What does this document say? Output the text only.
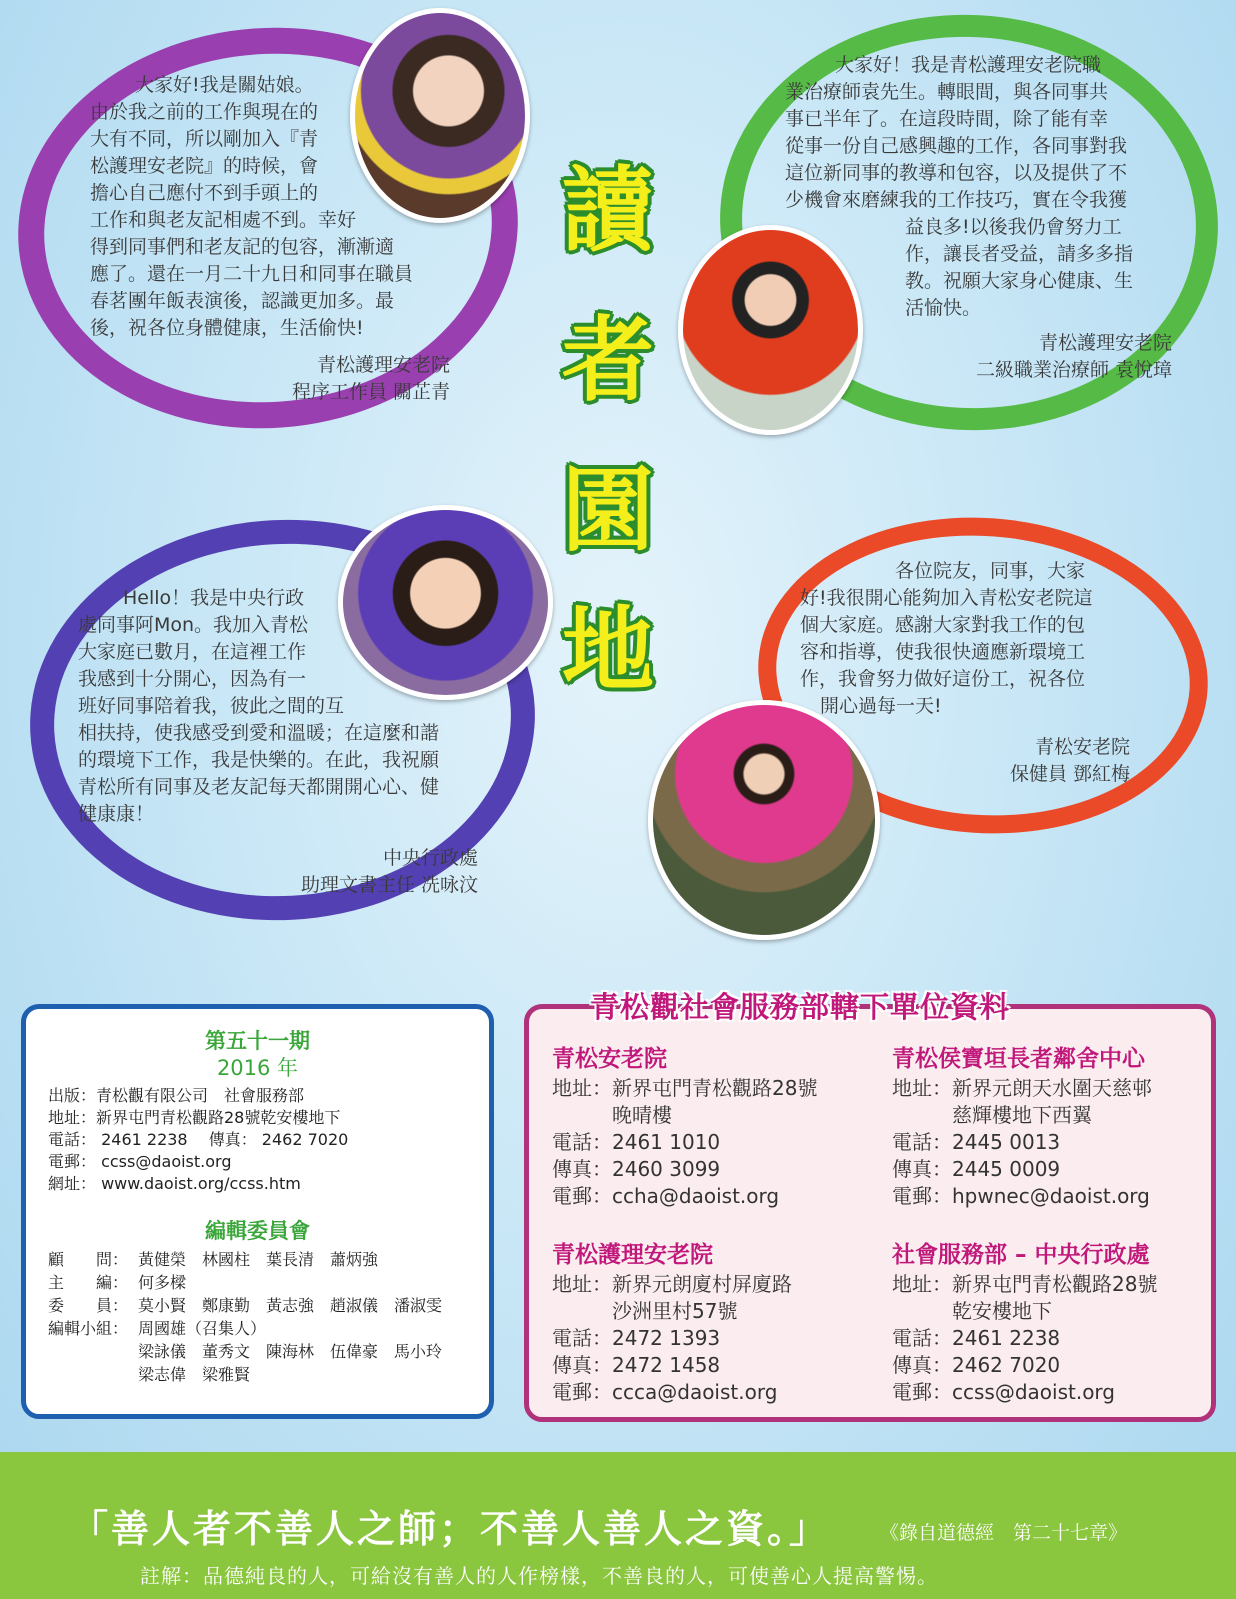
讀
者
園
地

大家好!我是關姑娘。

由於我之前的工作與現在的

大有不同，所以剛加入『青

松護理安老院』的時候，會

擔心自己應付不到手頭上的

工作和與老友記相處不到。幸好

得到同事們和老友記的包容，漸漸適

應了。還在一月二十九日和同事在職員

春茗團年飯表演後，認識更加多。最

後，祝各位身體健康，生活偷快!

青松護理安老院
程序工作員 關芷青

大家好！我是青松護理安老院職

業治療師袁先生。轉眼間，與各同事共

事已半年了。在這段時間，除了能有幸

從事一份自己感興趣的工作，各同事對我

這位新同事的教導和包容，以及提供了不

少機會來磨練我的工作技巧，實在令我獲

益良多!以後我仍會努力工

作，讓長者受益，請多多指

教。祝願大家身心健康、生

活愉快。

青松護理安老院
二級職業治療師 袁悅璋

Hello！我是中央行政

處同事阿Mon。我加入青松

大家庭已數月，在這裡工作

我感到十分開心，因為有一

班好同事陪着我，彼此之間的互

相扶持，使我感受到愛和溫暖；在這麼和諧

的環境下工作，我是快樂的。在此，我祝願

青松所有同事及老友記每天都開開心心、健

健康康！

中央行政處
助理文書主任 冼咏汶

各位院友，同事，大家

好!我很開心能夠加入青松安老院這

個大家庭。感謝大家對我工作的包

容和指導，使我很快適應新環境工

作，我會努力做好這份工，祝各位

開心過每一天!

青松安老院
保健員 鄧紅梅
第五十一期
2016 年
出版：青松觀有限公司　社會服務部
地址：新界屯門青松觀路28號乾安樓地下
電話： 2461 2238　 傳真： 2462 7020
電郵： ccss@daoist.org
網址： www.daoist.org/ccss.htm
編輯委員會
顧　　問： 黃健榮　林國柱　葉長清　蕭炳強
主　　編： 何多樑
委　　員： 莫小賢　鄭康勤　黃志強　趙淑儀　潘淑雯
編輯小組： 周國雄（召集人）
梁詠儀　董秀文　陳海林　伍偉豪　馬小玲
梁志偉　梁雅賢
青松觀社會服務部轄下單位資料
青松安老院
地址：新界屯門青松觀路28號
　　　晚晴樓
電話：2461 1010
傳真：2460 3099
電郵：ccha@daoist.org
青松侯寶垣長者鄰舍中心
地址：新界元朗天水圍天慈邨
　　　慈輝樓地下西翼
電話：2445 0013
傳真：2445 0009
電郵：hpwnec@daoist.org
青松護理安老院
地址：新界元朗廈村屏廈路
　　　沙洲里村57號
電話：2472 1393
傳真：2472 1458
電郵：ccca@daoist.org
社會服務部 – 中央行政處
地址：新界屯門青松觀路28號
　　　乾安樓地下
電話：2461 2238
傳真：2462 7020
電郵：ccss@daoist.org
「善人者不善人之師；不善人善人之資。」	《錄自道德經　第二十七章》
註解：品德純良的人，可給沒有善人的人作榜樣，不善良的人，可使善心人提高警惕。
